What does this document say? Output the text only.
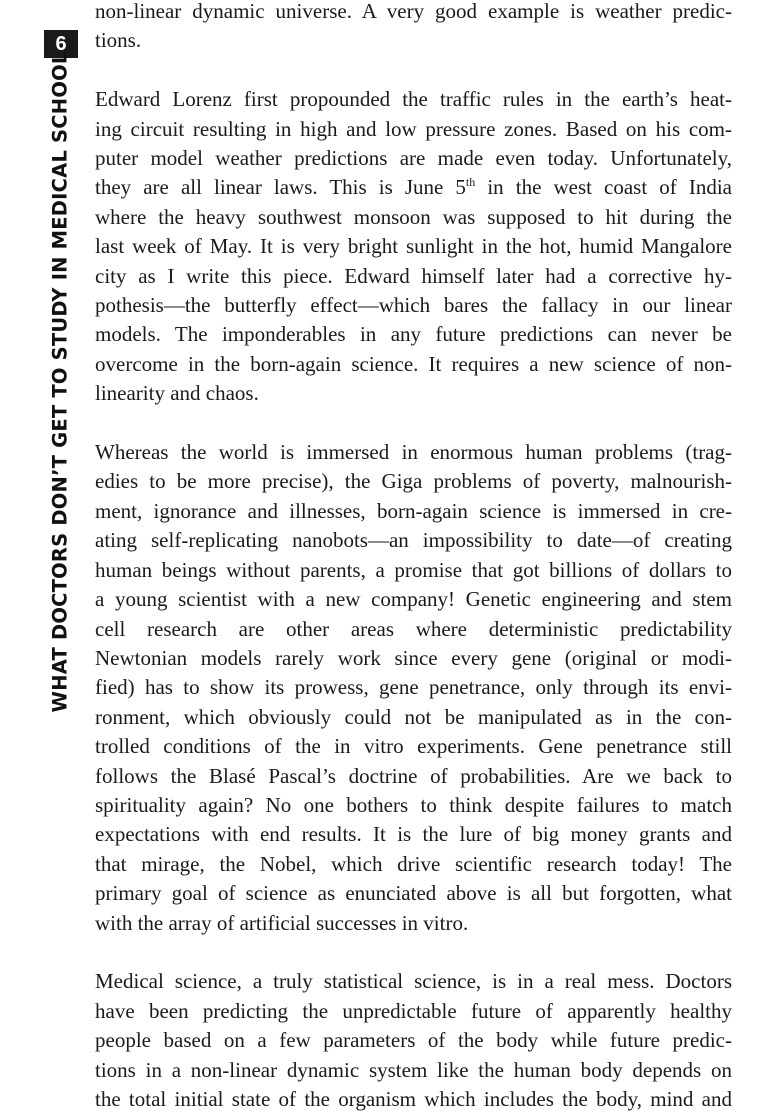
6
WHAT DOCTORS DON’T GET TO STUDY IN MEDICAL SCHOOL

non-linear dynamic universe. A very good example is weather predic-
tions.

Edward Lorenz first propounded the traffic rules in the earth’s heat-
ing circuit resulting in high and low pressure zones. Based on his com-
puter model weather predictions are made even today. Unfortunately,
they are all linear laws. This is June 5th in the west coast of India
where the heavy southwest monsoon was supposed to hit during the
last week of May. It is very bright sunlight in the hot, humid Mangalore
city as I write this piece. Edward himself later had a corrective hy-
pothesis—the butterfly effect—which bares the fallacy in our linear
models. The imponderables in any future predictions can never be
overcome in the born-again science. It requires a new science of non-
linearity and chaos.

Whereas the world is immersed in enormous human problems (trag-
edies to be more precise), the Giga problems of poverty, malnourish-
ment, ignorance and illnesses, born-again science is immersed in cre-
ating self-replicating nanobots—an impossibility to date—of creating
human beings without parents, a promise that got billions of dollars to
a young scientist with a new company! Genetic engineering and stem
cell research are other areas where deterministic predictability
Newtonian models rarely work since every gene (original or modi-
fied) has to show its prowess, gene penetrance, only through its envi-
ronment, which obviously could not be manipulated as in the con-
trolled conditions of the in vitro experiments. Gene penetrance still
follows the Blasé Pascal’s doctrine of probabilities. Are we back to
spirituality again? No one bothers to think despite failures to match
expectations with end results. It is the lure of big money grants and
that mirage, the Nobel, which drive scientific research today! The
primary goal of science as enunciated above is all but forgotten, what
with the array of artificial successes in vitro.

Medical science, a truly statistical science, is in a real mess. Doctors
have been predicting the unpredictable future of apparently healthy
people based on a few parameters of the body while future predic-
tions in a non-linear dynamic system like the human body depends on
the total initial state of the organism which includes the body, mind and
